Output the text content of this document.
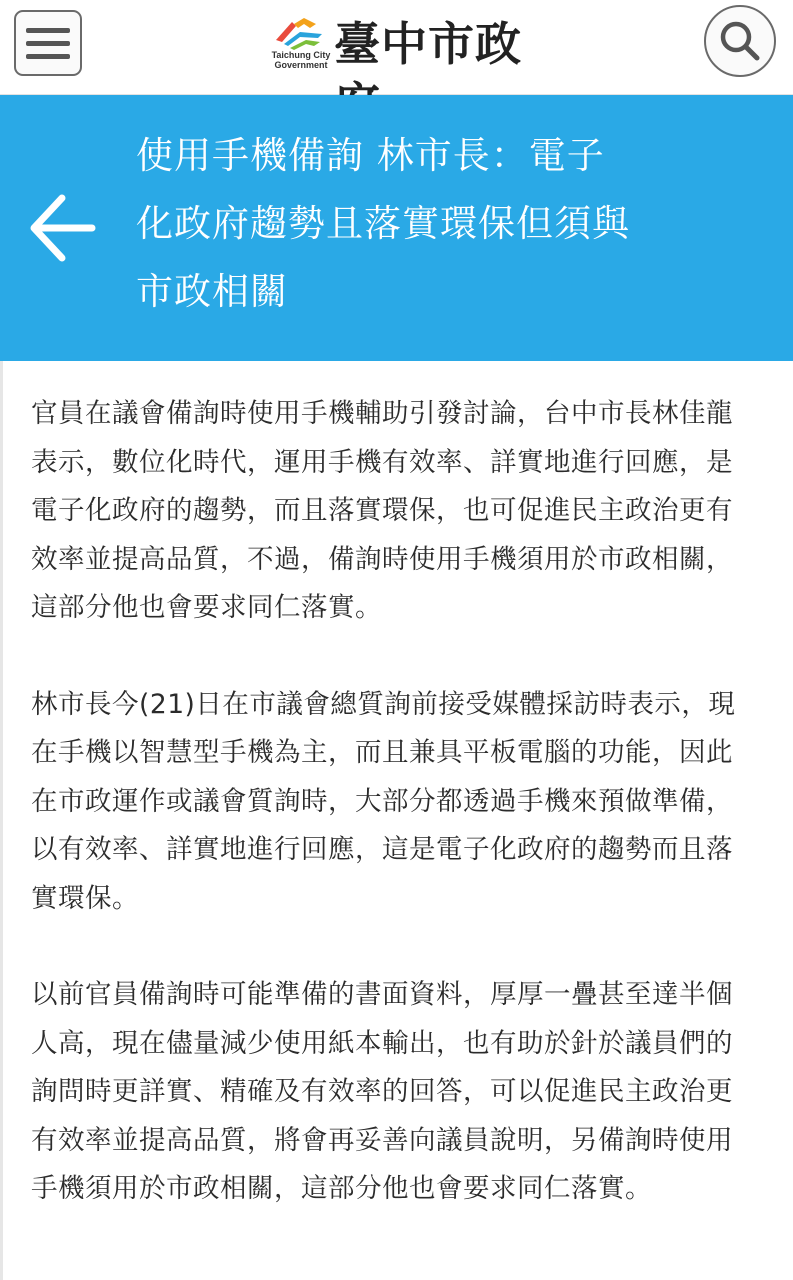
Taichung City
Government 臺中市政
使用手機備詢 林市長：電子化政府趨勢且落實環保但須與市政相關

官員在議會備詢時使用手機輔助引發討論，台中市長林佳龍表示，數位化時代，運用手機有效率、詳實地進行回應，是電子化政府的趨勢，而且落實環保，也可促進民主政治更有效率並提高品質，不過，備詢時使用手機須用於市政相關，這部分他也會要求同仁落實。

林市長今(21)日在市議會總質詢前接受媒體採訪時表示，現在手機以智慧型手機為主，而且兼具平板電腦的功能，因此在市政運作或議會質詢時，大部分都透過手機來預做準備，以有效率、詳實地進行回應，這是電子化政府的趨勢而且落實環保。

以前官員備詢時可能準備的書面資料，厚厚一疊甚至達半個人高，現在儘量減少使用紙本輸出，也有助於針於議員們的詢問時更詳實、精確及有效率的回答，可以促進民主政治更有效率並提高品質，將會再妥善向議員說明，另備詢時使用手機須用於市政相關，這部分他也會要求同仁落實。
